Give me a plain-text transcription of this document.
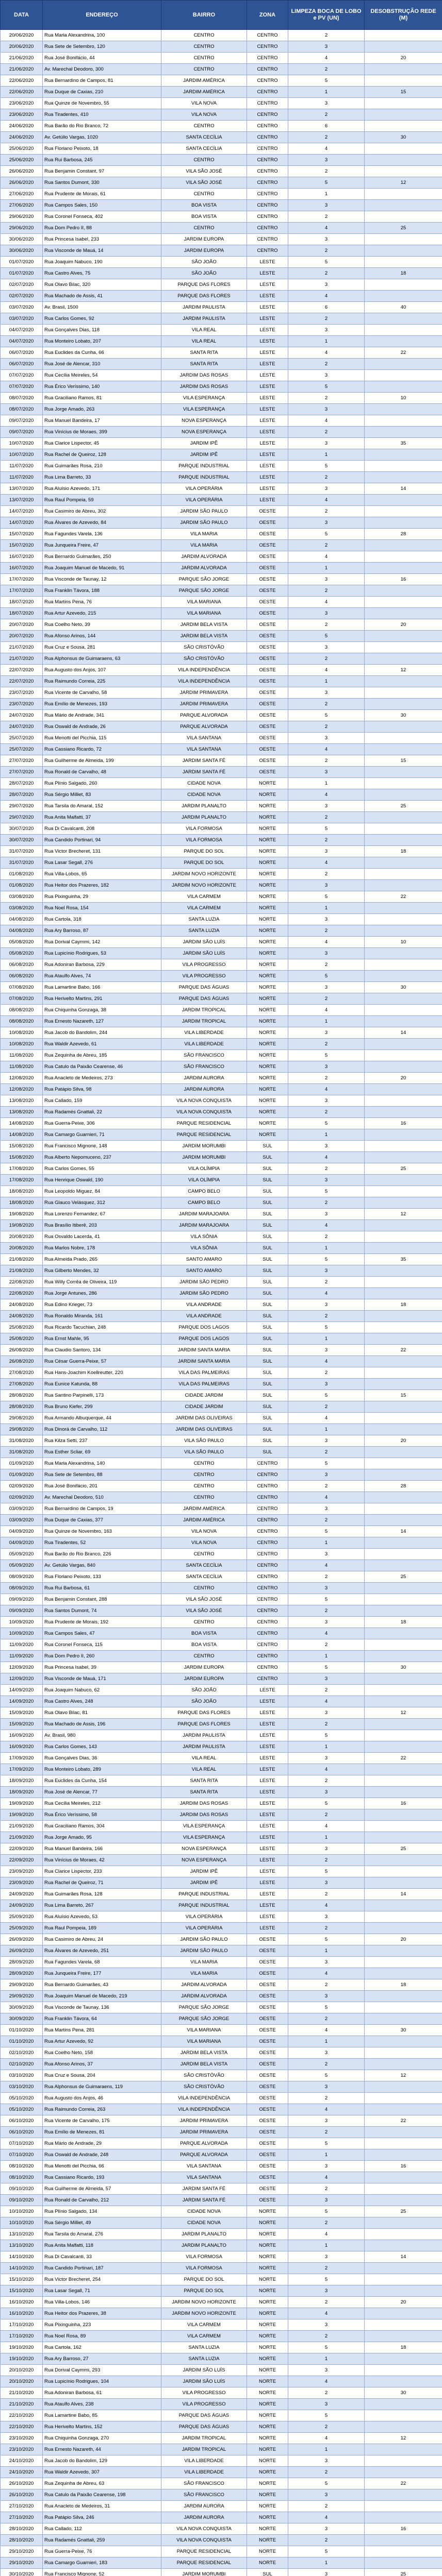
DATA	ENDEREÇO	BAIRRO	ZONA	LIMPEZA BOCA DE LOBO e PV (UN)	DESOBSTRUÇÃO REDE (M)
20/06/2020	Rua Maria Alexandrina, 100	CENTRO	CENTRO	2	
20/06/2020	Rua Sete de Setembro, 120	CENTRO	CENTRO	3	
21/06/2020	Rua José Bonifácio, 44	CENTRO	CENTRO	4	20
21/06/2020	Av. Marechal Deodoro, 300	CENTRO	CENTRO	2	
22/06/2020	Rua Bernardino de Campos, 81	JARDIM AMÉRICA	CENTRO	5	
22/06/2020	Rua Duque de Caxias, 210	JARDIM AMÉRICA	CENTRO	1	15
23/06/2020	Rua Quinze de Novembro, 55	VILA NOVA	CENTRO	3	
23/06/2020	Rua Tiradentes, 410	VILA NOVA	CENTRO	2	
24/06/2020	Rua Barão do Rio Branco, 72	CENTRO	CENTRO	6	
24/06/2020	Av. Getúlio Vargas, 1020	SANTA CECÍLIA	CENTRO	2	30
25/06/2020	Rua Floriano Peixoto, 18	SANTA CECÍLIA	CENTRO	4	
25/06/2020	Rua Rui Barbosa, 245	CENTRO	CENTRO	3	
26/06/2020	Rua Benjamin Constant, 97	VILA SÃO JOSÉ	CENTRO	2	
26/06/2020	Rua Santos Dumont, 330	VILA SÃO JOSÉ	CENTRO	5	12
27/06/2020	Rua Prudente de Morais, 61	CENTRO	CENTRO	1	
27/06/2020	Rua Campos Sales, 150	BOA VISTA	CENTRO	3	
29/06/2020	Rua Coronel Fonseca, 402	BOA VISTA	CENTRO	2	
29/06/2020	Rua Dom Pedro II, 88	CENTRO	CENTRO	4	25
30/06/2020	Rua Princesa Isabel, 233	JARDIM EUROPA	CENTRO	3	
30/06/2020	Rua Visconde de Mauá, 14	JARDIM EUROPA	CENTRO	2	
01/07/2020	Rua Joaquim Nabuco, 190	SÃO JOÃO	LESTE	5	
01/07/2020	Rua Castro Alves, 75	SÃO JOÃO	LESTE	2	18
02/07/2020	Rua Olavo Bilac, 320	PARQUE DAS FLORES	LESTE	3	
02/07/2020	Rua Machado de Assis, 41	PARQUE DAS FLORES	LESTE	4	
03/07/2020	Av. Brasil, 1500	JARDIM PAULISTA	LESTE	6	40
03/07/2020	Rua Carlos Gomes, 92	JARDIM PAULISTA	LESTE	2	
04/07/2020	Rua Gonçalves Dias, 118	VILA REAL	LESTE	3	
04/07/2020	Rua Monteiro Lobato, 207	VILA REAL	LESTE	1	
06/07/2020	Rua Euclides da Cunha, 66	SANTA RITA	LESTE	4	22
06/07/2020	Rua José de Alencar, 310	SANTA RITA	LESTE	2	
07/07/2020	Rua Cecília Meireles, 54	JARDIM DAS ROSAS	LESTE	3	
07/07/2020	Rua Érico Veríssimo, 140	JARDIM DAS ROSAS	LESTE	5	
08/07/2020	Rua Graciliano Ramos, 81	VILA ESPERANÇA	LESTE	2	10
08/07/2020	Rua Jorge Amado, 263	VILA ESPERANÇA	LESTE	3	
09/07/2020	Rua Manuel Bandeira, 17	NOVA ESPERANÇA	LESTE	4	
09/07/2020	Rua Vinícius de Moraes, 399	NOVA ESPERANÇA	LESTE	2	
10/07/2020	Rua Clarice Lispector, 45	JARDIM IPÊ	LESTE	3	35
10/07/2020	Rua Rachel de Queiroz, 128	JARDIM IPÊ	LESTE	1	
11/07/2020	Rua Guimarães Rosa, 210	PARQUE INDUSTRIAL	LESTE	5	
11/07/2020	Rua Lima Barreto, 33	PARQUE INDUSTRIAL	LESTE	2	
13/07/2020	Rua Aluísio Azevedo, 171	VILA OPERÁRIA	LESTE	3	14
13/07/2020	Rua Raul Pompeia, 59	VILA OPERÁRIA	LESTE	4	
14/07/2020	Rua Casimiro de Abreu, 302	JARDIM SÃO PAULO	OESTE	2	
14/07/2020	Rua Álvares de Azevedo, 84	JARDIM SÃO PAULO	OESTE	3	
15/07/2020	Rua Fagundes Varela, 136	VILA MARIA	OESTE	5	28
15/07/2020	Rua Junqueira Freire, 47	VILA MARIA	OESTE	2	
16/07/2020	Rua Bernardo Guimarães, 250	JARDIM ALVORADA	OESTE	4	
16/07/2020	Rua Joaquim Manuel de Macedo, 91	JARDIM ALVORADA	OESTE	1	
17/07/2020	Rua Visconde de Taunay, 12	PARQUE SÃO JORGE	OESTE	3	16
17/07/2020	Rua Franklin Távora, 188	PARQUE SÃO JORGE	OESTE	2	
18/07/2020	Rua Martins Pena, 76	VILA MARIANA	OESTE	4	
18/07/2020	Rua Artur Azevedo, 215	VILA MARIANA	OESTE	3	
20/07/2020	Rua Coelho Neto, 39	JARDIM BELA VISTA	OESTE	2	20
20/07/2020	Rua Afonso Arinos, 144	JARDIM BELA VISTA	OESTE	5	
21/07/2020	Rua Cruz e Sousa, 281	SÃO CRISTÓVÃO	OESTE	3	
21/07/2020	Rua Alphonsus de Guimaraens, 63	SÃO CRISTÓVÃO	OESTE	2	
22/07/2020	Rua Augusto dos Anjos, 107	VILA INDEPENDÊNCIA	OESTE	4	12
22/07/2020	Rua Raimundo Correia, 225	VILA INDEPENDÊNCIA	OESTE	1	
23/07/2020	Rua Vicente de Carvalho, 58	JARDIM PRIMAVERA	OESTE	3	
23/07/2020	Rua Emílio de Menezes, 193	JARDIM PRIMAVERA	OESTE	2	
24/07/2020	Rua Mário de Andrade, 341	PARQUE ALVORADA	OESTE	5	30
24/07/2020	Rua Oswald de Andrade, 26	PARQUE ALVORADA	OESTE	2	
25/07/2020	Rua Menotti del Picchia, 115	VILA SANTANA	OESTE	3	
25/07/2020	Rua Cassiano Ricardo, 72	VILA SANTANA	OESTE	4	
27/07/2020	Rua Guilherme de Almeida, 199	JARDIM SANTA FÉ	OESTE	2	15
27/07/2020	Rua Ronald de Carvalho, 48	JARDIM SANTA FÉ	OESTE	3	
28/07/2020	Rua Plínio Salgado, 260	CIDADE NOVA	NORTE	1	
28/07/2020	Rua Sérgio Milliet, 83	CIDADE NOVA	NORTE	4	
29/07/2020	Rua Tarsila do Amaral, 152	JARDIM PLANALTO	NORTE	3	25
29/07/2020	Rua Anita Malfatti, 37	JARDIM PLANALTO	NORTE	2	
30/07/2020	Rua Di Cavalcanti, 208	VILA FORMOSA	NORTE	5	
30/07/2020	Rua Candido Portinari, 94	VILA FORMOSA	NORTE	2	
31/07/2020	Rua Victor Brecheret, 131	PARQUE DO SOL	NORTE	3	18
31/07/2020	Rua Lasar Segall, 276	PARQUE DO SOL	NORTE	4	
01/08/2020	Rua Villa-Lobos, 65	JARDIM NOVO HORIZONTE	NORTE	2	
01/08/2020	Rua Heitor dos Prazeres, 182	JARDIM NOVO HORIZONTE	NORTE	3	
03/08/2020	Rua Pixinguinha, 29	VILA CARMEM	NORTE	5	22
03/08/2020	Rua Noel Rosa, 154	VILA CARMEM	NORTE	1	
04/08/2020	Rua Cartola, 318	SANTA LUZIA	NORTE	3	
04/08/2020	Rua Ary Barroso, 87	SANTA LUZIA	NORTE	2	
05/08/2020	Rua Dorival Caymmi, 142	JARDIM SÃO LUÍS	NORTE	4	10
05/08/2020	Rua Lupicínio Rodrigues, 53	JARDIM SÃO LUÍS	NORTE	3	
06/08/2020	Rua Adoniran Barbosa, 229	VILA PROGRESSO	NORTE	2	
06/08/2020	Rua Ataulfo Alves, 74	VILA PROGRESSO	NORTE	5	
07/08/2020	Rua Lamartine Babo, 166	PARQUE DAS ÁGUAS	NORTE	3	30
07/08/2020	Rua Herivelto Martins, 291	PARQUE DAS ÁGUAS	NORTE	2	
08/08/2020	Rua Chiquinha Gonzaga, 38	JARDIM TROPICAL	NORTE	4	
08/08/2020	Rua Ernesto Nazareth, 127	JARDIM TROPICAL	NORTE	1	
10/08/2020	Rua Jacob do Bandolim, 244	VILA LIBERDADE	NORTE	3	14
10/08/2020	Rua Waldir Azevedo, 61	VILA LIBERDADE	NORTE	2	
11/08/2020	Rua Zequinha de Abreu, 185	SÃO FRANCISCO	NORTE	5	
11/08/2020	Rua Catulo da Paixão Cearense, 46	SÃO FRANCISCO	NORTE	3	
12/08/2020	Rua Anacleto de Medeiros, 273	JARDIM AURORA	NORTE	2	20
12/08/2020	Rua Patápio Silva, 98	JARDIM AURORA	NORTE	4	
13/08/2020	Rua Callado, 159	VILA NOVA CONQUISTA	NORTE	3	
13/08/2020	Rua Radamés Gnattali, 22	VILA NOVA CONQUISTA	NORTE	2	
14/08/2020	Rua Guerra-Peixe, 306	PARQUE RESIDENCIAL	NORTE	5	16
14/08/2020	Rua Camargo Guarnieri, 71	PARQUE RESIDENCIAL	NORTE	1	
15/08/2020	Rua Francisco Mignone, 148	JARDIM MORUMBI	SUL	3	
15/08/2020	Rua Alberto Nepomuceno, 237	JARDIM MORUMBI	SUL	4	
17/08/2020	Rua Carlos Gomes, 55	VILA OLÍMPIA	SUL	2	25
17/08/2020	Rua Henrique Oswald, 190	VILA OLÍMPIA	SUL	3	
18/08/2020	Rua Leopoldo Miguez, 84	CAMPO BELO	SUL	5	
18/08/2020	Rua Glauco Velásquez, 312	CAMPO BELO	SUL	2	
19/08/2020	Rua Lorenzo Fernandez, 67	JARDIM MARAJOARA	SUL	3	12
19/08/2020	Rua Brasílio Itiberê, 203	JARDIM MARAJOARA	SUL	4	
20/08/2020	Rua Osvaldo Lacerda, 41	VILA SÔNIA	SUL	2	
20/08/2020	Rua Marlos Nobre, 178	VILA SÔNIA	SUL	1	
21/08/2020	Rua Almeida Prado, 265	SANTO AMARO	SUL	5	35
21/08/2020	Rua Gilberto Mendes, 32	SANTO AMARO	SUL	3	
22/08/2020	Rua Willy Corrêa de Oliveira, 119	JARDIM SÃO PEDRO	SUL	2	
22/08/2020	Rua Jorge Antunes, 286	JARDIM SÃO PEDRO	SUL	4	
24/08/2020	Rua Edino Krieger, 73	VILA ANDRADE	SUL	3	18
24/08/2020	Rua Ronaldo Miranda, 161	VILA ANDRADE	SUL	2	
25/08/2020	Rua Ricardo Tacuchian, 248	PARQUE DOS LAGOS	SUL	5	
25/08/2020	Rua Ernst Mahle, 95	PARQUE DOS LAGOS	SUL	1	
26/08/2020	Rua Claudio Santoro, 134	JARDIM SANTA MARIA	SUL	3	22
26/08/2020	Rua César Guerra-Peixe, 57	JARDIM SANTA MARIA	SUL	4	
27/08/2020	Rua Hans-Joachim Koellreutter, 220	VILA DAS PALMEIRAS	SUL	2	
27/08/2020	Rua Eunice Katunda, 88	VILA DAS PALMEIRAS	SUL	3	
28/08/2020	Rua Santino Parpinelli, 173	CIDADE JARDIM	SUL	5	15
28/08/2020	Rua Bruno Kiefer, 299	CIDADE JARDIM	SUL	2	
29/08/2020	Rua Armando Albuquerque, 44	JARDIM DAS OLIVEIRAS	SUL	4	
29/08/2020	Rua Dinorá de Carvalho, 112	JARDIM DAS OLIVEIRAS	SUL	1	
31/08/2020	Rua Kilza Setti, 237	VILA SÃO PAULO	SUL	3	20
31/08/2020	Rua Esther Scliar, 69	VILA SÃO PAULO	SUL	2	
01/09/2020	Rua Maria Alexandrina, 140	CENTRO	CENTRO	5	
01/09/2020	Rua Sete de Setembro, 88	CENTRO	CENTRO	3	
02/09/2020	Rua José Bonifácio, 201	CENTRO	CENTRO	2	28
02/09/2020	Av. Marechal Deodoro, 510	CENTRO	CENTRO	4	
03/09/2020	Rua Bernardino de Campos, 19	JARDIM AMÉRICA	CENTRO	3	
03/09/2020	Rua Duque de Caxias, 377	JARDIM AMÉRICA	CENTRO	2	
04/09/2020	Rua Quinze de Novembro, 163	VILA NOVA	CENTRO	5	14
04/09/2020	Rua Tiradentes, 52	VILA NOVA	CENTRO	1	
05/09/2020	Rua Barão do Rio Branco, 226	CENTRO	CENTRO	3	
05/09/2020	Av. Getúlio Vargas, 840	SANTA CECÍLIA	CENTRO	4	
08/09/2020	Rua Floriano Peixoto, 133	SANTA CECÍLIA	CENTRO	2	25
08/09/2020	Rua Rui Barbosa, 61	CENTRO	CENTRO	3	
09/09/2020	Rua Benjamin Constant, 288	VILA SÃO JOSÉ	CENTRO	5	
09/09/2020	Rua Santos Dumont, 74	VILA SÃO JOSÉ	CENTRO	2	
10/09/2020	Rua Prudente de Morais, 192	CENTRO	CENTRO	3	18
10/09/2020	Rua Campos Sales, 47	BOA VISTA	CENTRO	4	
11/09/2020	Rua Coronel Fonseca, 115	BOA VISTA	CENTRO	2	
11/09/2020	Rua Dom Pedro II, 260	CENTRO	CENTRO	1	
12/09/2020	Rua Princesa Isabel, 39	JARDIM EUROPA	CENTRO	5	30
12/09/2020	Rua Visconde de Mauá, 171	JARDIM EUROPA	CENTRO	3	
14/09/2020	Rua Joaquim Nabuco, 62	SÃO JOÃO	LESTE	2	
14/09/2020	Rua Castro Alves, 248	SÃO JOÃO	LESTE	4	
15/09/2020	Rua Olavo Bilac, 81	PARQUE DAS FLORES	LESTE	3	12
15/09/2020	Rua Machado de Assis, 196	PARQUE DAS FLORES	LESTE	2	
16/09/2020	Av. Brasil, 980	JARDIM PAULISTA	LESTE	5	
16/09/2020	Rua Carlos Gomes, 143	JARDIM PAULISTA	LESTE	1	
17/09/2020	Rua Gonçalves Dias, 36	VILA REAL	LESTE	3	22
17/09/2020	Rua Monteiro Lobato, 289	VILA REAL	LESTE	4	
18/09/2020	Rua Euclides da Cunha, 154	SANTA RITA	LESTE	2	
18/09/2020	Rua José de Alencar, 77	SANTA RITA	LESTE	3	
19/09/2020	Rua Cecília Meireles, 212	JARDIM DAS ROSAS	LESTE	5	16
19/09/2020	Rua Érico Veríssimo, 58	JARDIM DAS ROSAS	LESTE	2	
21/09/2020	Rua Graciliano Ramos, 304	VILA ESPERANÇA	LESTE	4	
21/09/2020	Rua Jorge Amado, 95	VILA ESPERANÇA	LESTE	1	
22/09/2020	Rua Manuel Bandeira, 166	NOVA ESPERANÇA	LESTE	3	25
22/09/2020	Rua Vinícius de Moraes, 42	NOVA ESPERANÇA	LESTE	2	
23/09/2020	Rua Clarice Lispector, 233	JARDIM IPÊ	LESTE	5	
23/09/2020	Rua Rachel de Queiroz, 71	JARDIM IPÊ	LESTE	3	
24/09/2020	Rua Guimarães Rosa, 128	PARQUE INDUSTRIAL	LESTE	2	14
24/09/2020	Rua Lima Barreto, 267	PARQUE INDUSTRIAL	LESTE	4	
25/09/2020	Rua Aluísio Azevedo, 53	VILA OPERÁRIA	LESTE	3	
25/09/2020	Rua Raul Pompeia, 189	VILA OPERÁRIA	LESTE	2	
26/09/2020	Rua Casimiro de Abreu, 24	JARDIM SÃO PAULO	OESTE	5	20
26/09/2020	Rua Álvares de Azevedo, 251	JARDIM SÃO PAULO	OESTE	1	
28/09/2020	Rua Fagundes Varela, 68	VILA MARIA	OESTE	3	
28/09/2020	Rua Junqueira Freire, 177	VILA MARIA	OESTE	4	
29/09/2020	Rua Bernardo Guimarães, 43	JARDIM ALVORADA	OESTE	2	18
29/09/2020	Rua Joaquim Manuel de Macedo, 219	JARDIM ALVORADA	OESTE	3	
30/09/2020	Rua Visconde de Taunay, 136	PARQUE SÃO JORGE	OESTE	5	
30/09/2020	Rua Franklin Távora, 64	PARQUE SÃO JORGE	OESTE	2	
01/10/2020	Rua Martins Pena, 281	VILA MARIANA	OESTE	4	30
01/10/2020	Rua Artur Azevedo, 92	VILA MARIANA	OESTE	1	
02/10/2020	Rua Coelho Neto, 158	JARDIM BELA VISTA	OESTE	3	
02/10/2020	Rua Afonso Arinos, 37	JARDIM BELA VISTA	OESTE	2	
03/10/2020	Rua Cruz e Sousa, 204	SÃO CRISTÓVÃO	OESTE	5	12
03/10/2020	Rua Alphonsus de Guimaraens, 119	SÃO CRISTÓVÃO	OESTE	3	
05/10/2020	Rua Augusto dos Anjos, 46	VILA INDEPENDÊNCIA	OESTE	2	
05/10/2020	Rua Raimundo Correia, 263	VILA INDEPENDÊNCIA	OESTE	4	
06/10/2020	Rua Vicente de Carvalho, 175	JARDIM PRIMAVERA	OESTE	3	22
06/10/2020	Rua Emílio de Menezes, 81	JARDIM PRIMAVERA	OESTE	2	
07/10/2020	Rua Mário de Andrade, 29	PARQUE ALVORADA	OESTE	5	
07/10/2020	Rua Oswald de Andrade, 248	PARQUE ALVORADA	OESTE	1	
08/10/2020	Rua Menotti del Picchia, 66	VILA SANTANA	OESTE	3	16
08/10/2020	Rua Cassiano Ricardo, 193	VILA SANTANA	OESTE	4	
09/10/2020	Rua Guilherme de Almeida, 57	JARDIM SANTA FÉ	OESTE	2	
09/10/2020	Rua Ronald de Carvalho, 212	JARDIM SANTA FÉ	OESTE	3	
10/10/2020	Rua Plínio Salgado, 134	CIDADE NOVA	NORTE	5	25
10/10/2020	Rua Sérgio Milliet, 49	CIDADE NOVA	NORTE	2	
13/10/2020	Rua Tarsila do Amaral, 276	JARDIM PLANALTO	NORTE	4	
13/10/2020	Rua Anita Malfatti, 118	JARDIM PLANALTO	NORTE	1	
14/10/2020	Rua Di Cavalcanti, 33	VILA FORMOSA	NORTE	3	14
14/10/2020	Rua Candido Portinari, 187	VILA FORMOSA	NORTE	2	
15/10/2020	Rua Victor Brecheret, 254	PARQUE DO SOL	NORTE	5	
15/10/2020	Rua Lasar Segall, 71	PARQUE DO SOL	NORTE	3	
16/10/2020	Rua Villa-Lobos, 146	JARDIM NOVO HORIZONTE	NORTE	2	20
16/10/2020	Rua Heitor dos Prazeres, 38	JARDIM NOVO HORIZONTE	NORTE	4	
17/10/2020	Rua Pixinguinha, 223	VILA CARMEM	NORTE	3	
17/10/2020	Rua Noel Rosa, 89	VILA CARMEM	NORTE	2	
19/10/2020	Rua Cartola, 162	SANTA LUZIA	NORTE	5	18
19/10/2020	Rua Ary Barroso, 27	SANTA LUZIA	NORTE	1	
20/10/2020	Rua Dorival Caymmi, 293	JARDIM SÃO LUÍS	NORTE	3	
20/10/2020	Rua Lupicínio Rodrigues, 104	JARDIM SÃO LUÍS	NORTE	4	
21/10/2020	Rua Adoniran Barbosa, 61	VILA PROGRESSO	NORTE	2	30
21/10/2020	Rua Ataulfo Alves, 238	VILA PROGRESSO	NORTE	3	
22/10/2020	Rua Lamartine Babo, 85	PARQUE DAS ÁGUAS	NORTE	5	
22/10/2020	Rua Herivelto Martins, 152	PARQUE DAS ÁGUAS	NORTE	2	
23/10/2020	Rua Chiquinha Gonzaga, 270	JARDIM TROPICAL	NORTE	4	12
23/10/2020	Rua Ernesto Nazareth, 44	JARDIM TROPICAL	NORTE	1	
24/10/2020	Rua Jacob do Bandolim, 129	VILA LIBERDADE	NORTE	3	
24/10/2020	Rua Waldir Azevedo, 307	VILA LIBERDADE	NORTE	2	
26/10/2020	Rua Zequinha de Abreu, 63	SÃO FRANCISCO	NORTE	5	22
26/10/2020	Rua Catulo da Paixão Cearense, 198	SÃO FRANCISCO	NORTE	3	
27/10/2020	Rua Anacleto de Medeiros, 31	JARDIM AURORA	NORTE	2	
27/10/2020	Rua Patápio Silva, 246	JARDIM AURORA	NORTE	4	
28/10/2020	Rua Callado, 112	VILA NOVA CONQUISTA	NORTE	3	16
28/10/2020	Rua Radamés Gnattali, 259	VILA NOVA CONQUISTA	NORTE	2	
29/10/2020	Rua Guerra-Peixe, 76	PARQUE RESIDENCIAL	NORTE	5	
29/10/2020	Rua Camargo Guarnieri, 183	PARQUE RESIDENCIAL	NORTE	1	
30/10/2020	Rua Francisco Mignone, 52	JARDIM MORUMBI	SUL	3	25
